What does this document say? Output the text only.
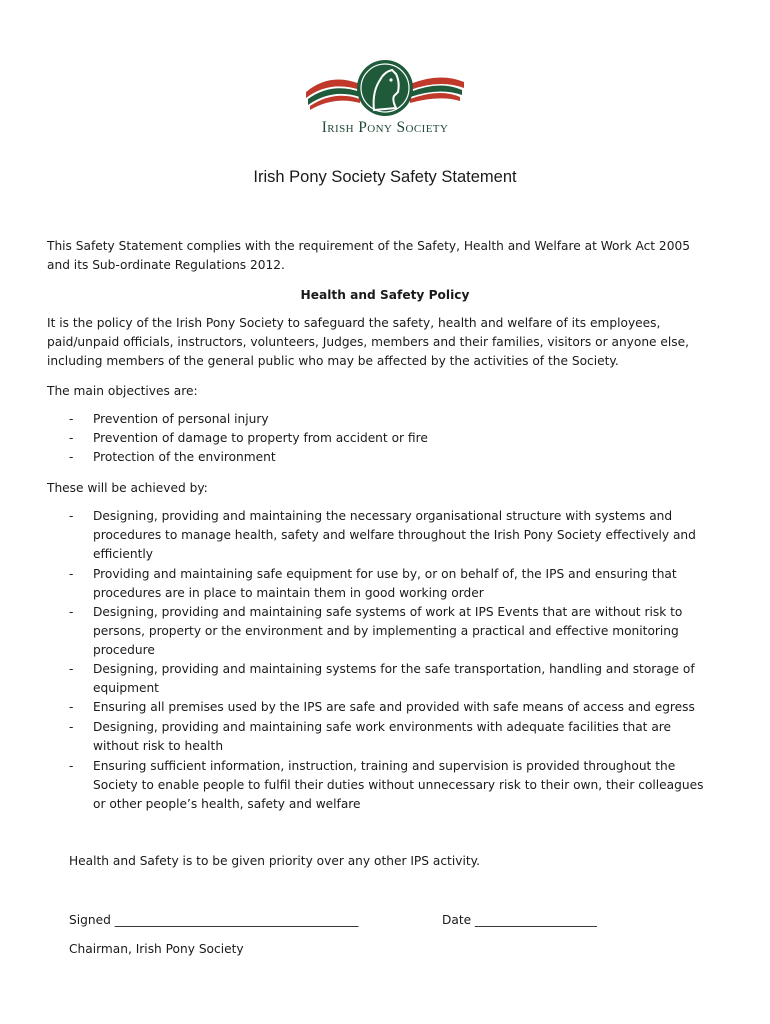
Irish Pony Society
Irish Pony Society Safety Statement
This Safety Statement complies with the requirement of the Safety, Health and Welfare at Work Act 2005
and its Sub-ordinate Regulations 2012.
Health and Safety Policy
It is the policy of the Irish Pony Society to safeguard the safety, health and welfare of its employees,
paid/unpaid officials, instructors, volunteers, Judges, members and their families, visitors or anyone else,
including members of the general public who may be affected by the activities of the Society.
The main objectives are:
- Prevention of personal injury
- Prevention of damage to property from accident or fire
- Protection of the environment
These will be achieved by:
- Designing, providing and maintaining the necessary organisational structure with systems and
procedures to manage health, safety and welfare throughout the Irish Pony Society effectively and
efficiently
- Providing and maintaining safe equipment for use by, or on behalf of, the IPS and ensuring that
procedures are in place to maintain them in good working order
- Designing, providing and maintaining safe systems of work at IPS Events that are without risk to
persons, property or the environment and by implementing a practical and effective monitoring
procedure
- Designing, providing and maintaining systems for the safe transportation, handling and storage of
equipment
- Ensuring all premises used by the IPS are safe and provided with safe means of access and egress
- Designing, providing and maintaining safe work environments with adequate facilities that are
without risk to health
- Ensuring sufficient information, instruction, training and supervision is provided throughout the
Society to enable people to fulfil their duties without unnecessary risk to their own, their colleagues
or other people’s health, safety and welfare
Health and Safety is to be given priority over any other IPS activity.
Signed ________________________________________	Date ____________________
Chairman, Irish Pony Society
